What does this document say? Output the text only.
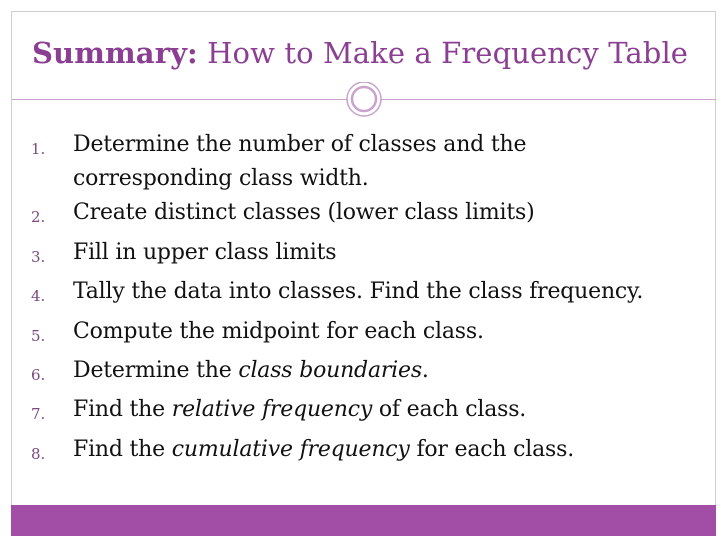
Summary: How to Make a Frequency Table
1. Determine the number of classes and the
corresponding class width.
2. Create distinct classes (lower class limits)
3. Fill in upper class limits
4. Tally the data into classes. Find the class frequency.
5. Compute the midpoint for each class.
6. Determine the class boundaries.
7. Find the relative frequency of each class.
8. Find the cumulative frequency for each class.
